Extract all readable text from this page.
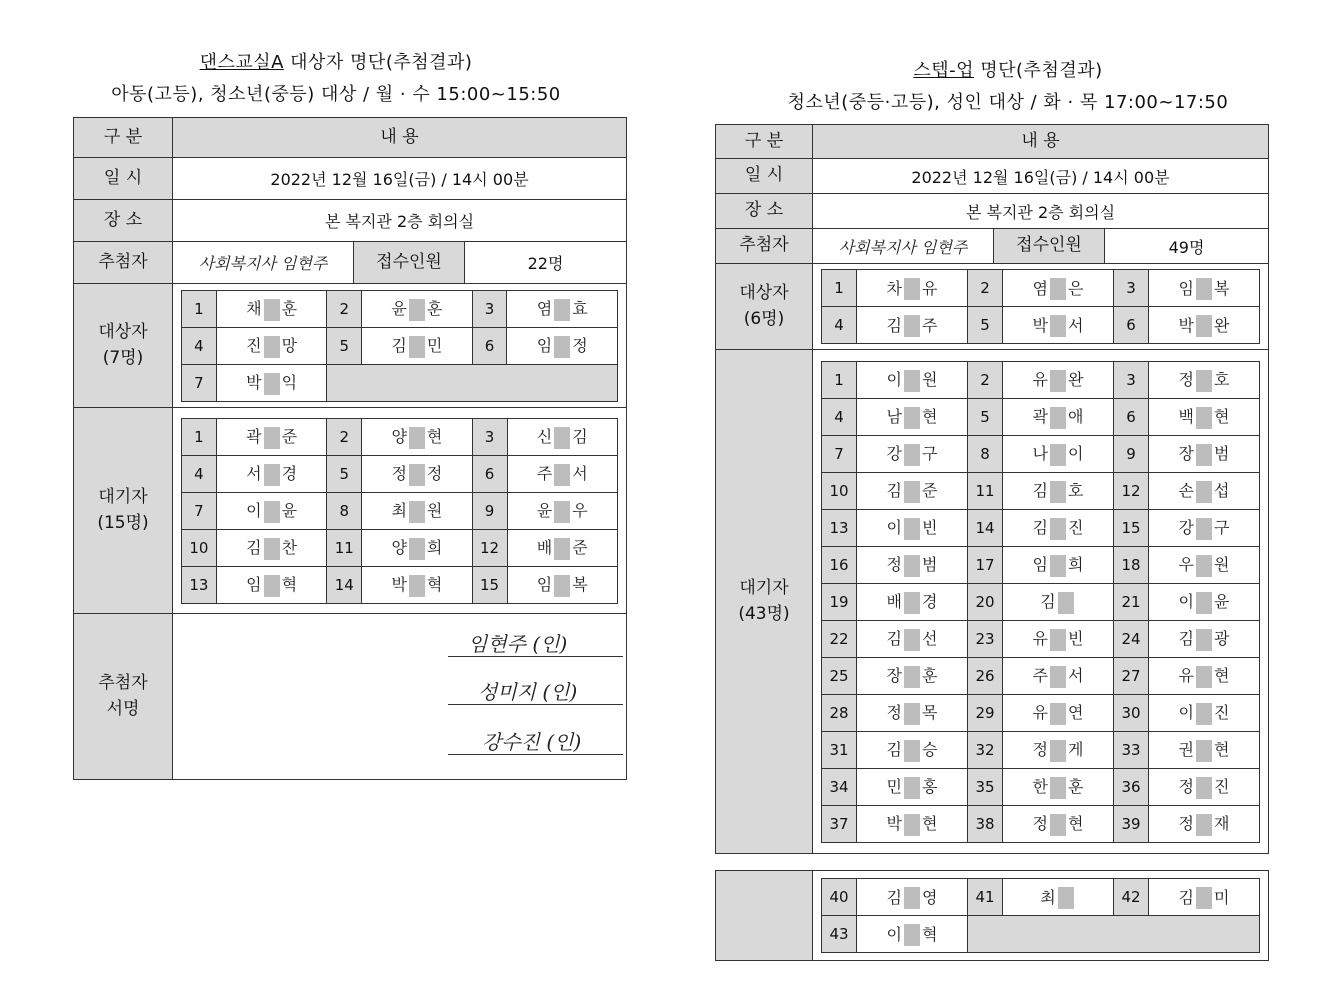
댄스교실A 대상자 명단(추첨결과)
아동(고등), 청소년(중등) 대상 / 월 · 수 15:00~15:50
구 분	내 용
일 시	2022년 12월 16일(금) / 14시 00분
장 소	본 복지관 2층 회의실
추첨자	사회복지사 임현주	접수인원	22명
대상자
(7명)	
1	채 훈	2	윤 훈	3	염 효
4	진 망	5	김 민	6	임 정
7	박 익	

대기자
(15명)	
1	곽 준	2	양 현	3	신 김
4	서 경	5	정 정	6	주 서
7	이 윤	8	최 원	9	윤 우
10	김 찬	11	양 희	12	배 준
13	임 혁	14	박 혁	15	임 복

추첨자
서명	
임현주 (인)
성미지 (인)
강수진 (인)
스텝-업 명단(추첨결과)
청소년(중등·고등), 성인 대상 / 화 · 목 17:00~17:50
구 분	내 용
일 시	2022년 12월 16일(금) / 14시 00분
장 소	본 복지관 2층 회의실
추첨자	사회복지사 임현주	접수인원	49명
대상자
(6명)	
1	차 유	2	염 은	3	임 복
4	김 주	5	박 서	6	박 완

대기자
(43명)	
1	이 원	2	유 완	3	정 호
4	남 현	5	곽 애	6	백 현
7	강 구	8	나 이	9	장 범
10	김 준	11	김 호	12	손 섭
13	이 빈	14	김 진	15	강 구
16	정 범	17	임 희	18	우 원
19	배 경	20	김	21	이 윤
22	김 선	23	유 빈	24	김 광
25	장 훈	26	주 서	27	유 현
28	정 목	29	유 연	30	이 진
31	김 승	32	정 게	33	권 현
34	민 홍	35	한 훈	36	정 진
37	박 현	38	정 현	39	정 재

40	김 영	41	최	42	김 미
43	이 혁	
